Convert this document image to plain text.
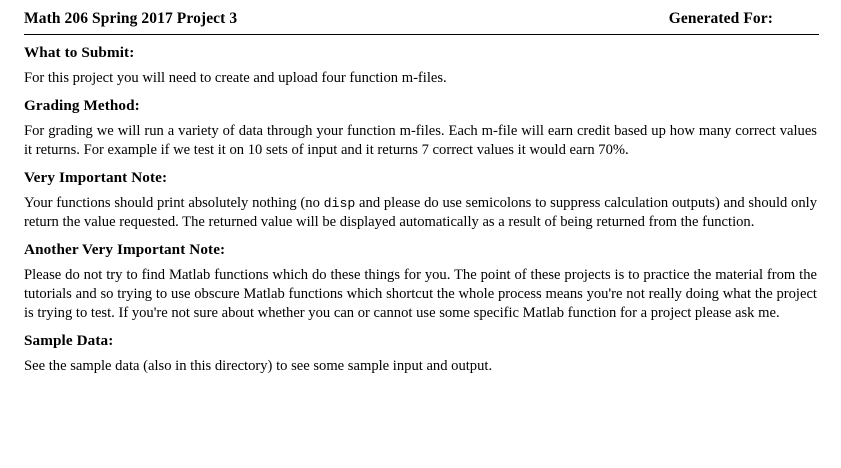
Math 206 Spring 2017 Project 3	Generated For:
What to Submit:

For this project you will need to create and upload four function m-files.

Grading Method:

For grading we will run a variety of data through your function m-files. Each m-file will earn credit based up how many correct values it returns. For example if we test it on 10 sets of input and it returns 7 correct values it would earn 70%.

Very Important Note:

Your functions should print absolutely nothing (no disp and please do use semicolons to suppress calculation outputs) and should only return the value requested. The returned value will be displayed automatically as a result of being returned from the function.

Another Very Important Note:

Please do not try to find Matlab functions which do these things for you. The point of these projects is to practice the material from the tutorials and so trying to use obscure Matlab functions which shortcut the whole process means you're not really doing what the project is trying to test. If you're not sure about whether you can or cannot use some specific Matlab function for a project please ask me.

Sample Data:

See the sample data (also in this directory) to see some sample input and output.
